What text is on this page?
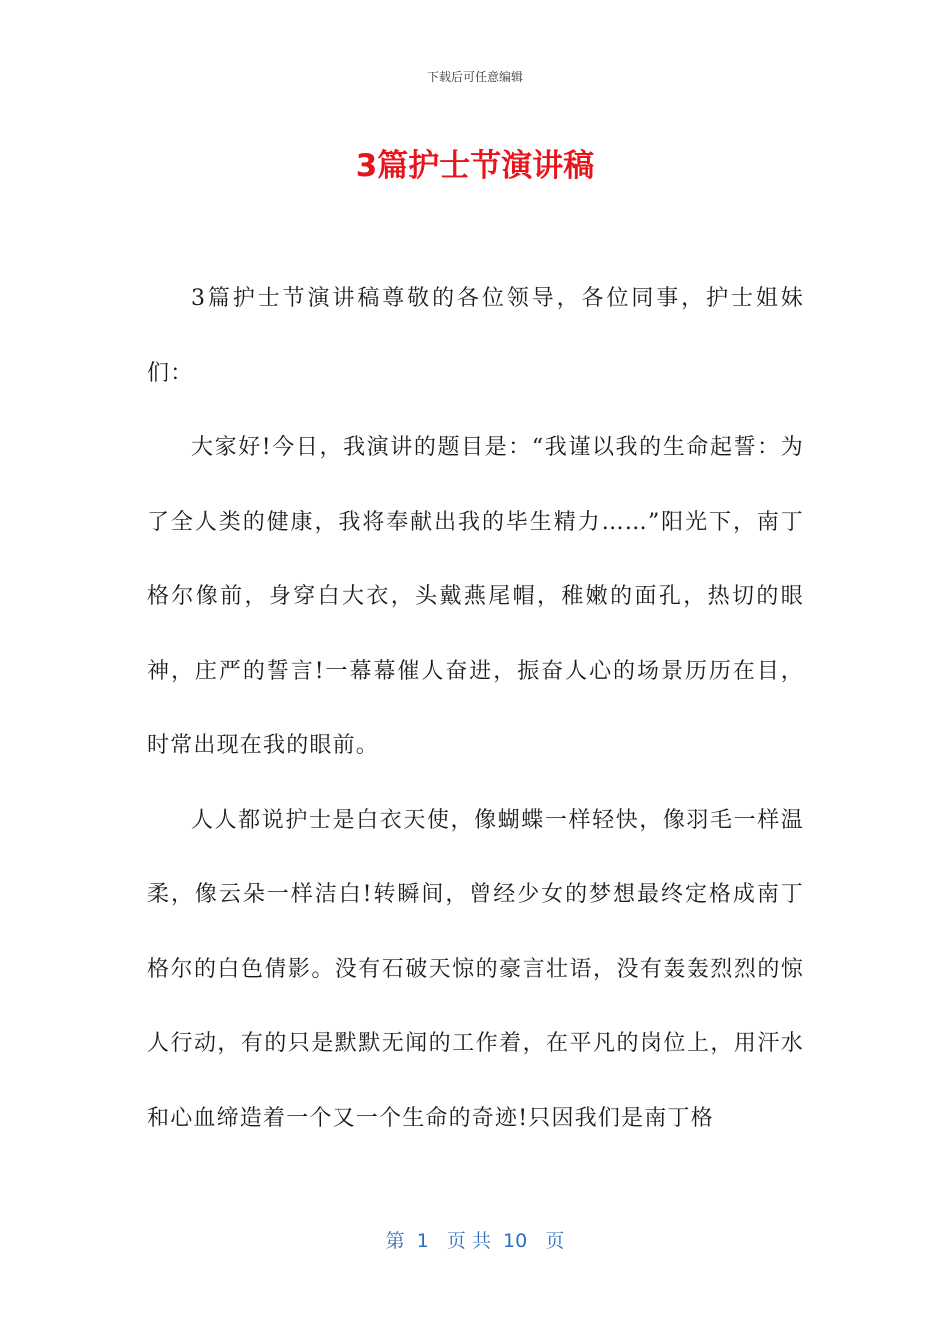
下载后可任意编辑
3篇护士节演讲稿

3篇护士节演讲稿尊敬的各位领导，各位同事，护士姐妹们：

大家好!今日，我演讲的题目是：“我谨以我的生命起誓：为了全人类的健康，我将奉献出我的毕生精力……”阳光下，南丁格尔像前，身穿白大衣，头戴燕尾帽，稚嫩的面孔，热切的眼神，庄严的誓言!一幕幕催人奋进，振奋人心的场景历历在目，时常出现在我的眼前。

人人都说护士是白衣天使，像蝴蝶一样轻快，像羽毛一样温柔，像云朵一样洁白!转瞬间，曾经少女的梦想最终定格成南丁格尔的白色倩影。没有石破天惊的豪言壮语，没有轰轰烈烈的惊人行动，有的只是默默无闻的工作着，在平凡的岗位上，用汗水和心血缔造着一个又一个生命的奇迹!只因我们是南丁格

第  1   页 共  10   页
